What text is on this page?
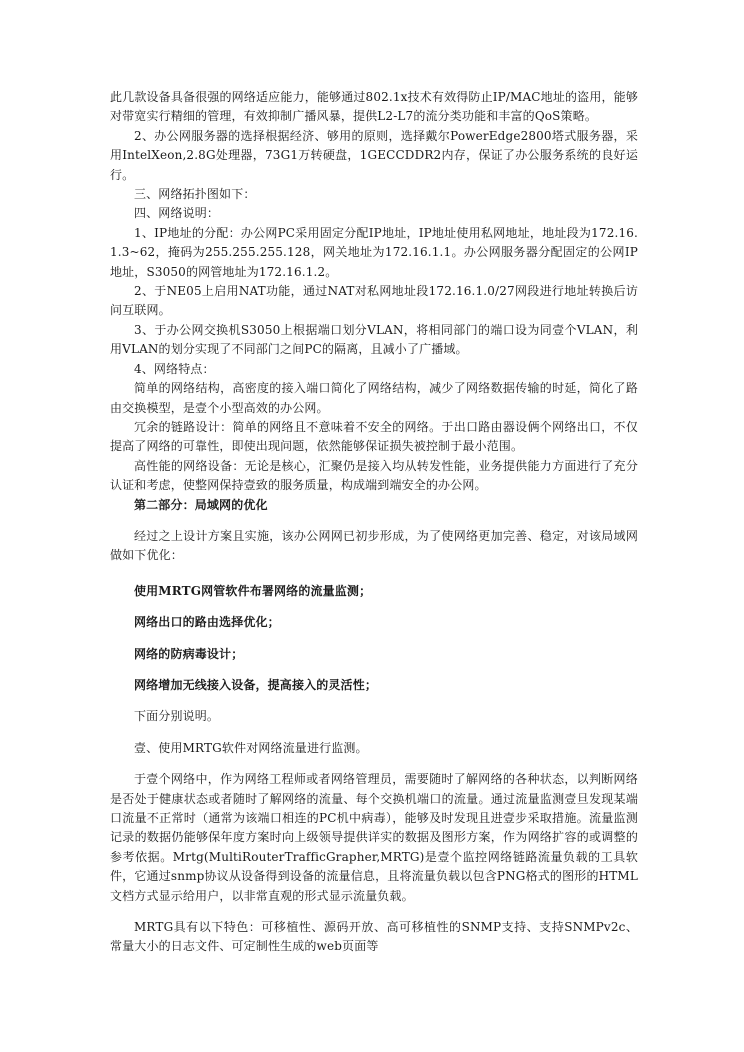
此几款设备具备很强的网络适应能力，能够通过802.1x技术有效得防止IP/MAC地址的盗用，能够对带宽实行精细的管理，有效抑制广播风暴，提供L2-L7的流分类功能和丰富的QoS策略。

2、办公网服务器的选择根据经济、够用的原则，选择戴尔PowerEdge2800塔式服务器，采用IntelXeon,2.8G处理器，73G1万转硬盘，1GECCDDR2内存，保证了办公服务系统的良好运行。

三、网络拓扑图如下：

四、网络说明：

1、IP地址的分配：办公网PC采用固定分配IP地址，IP地址使用私网地址，地址段为172.16.1.3~62，掩码为255.255.255.128，网关地址为172.16.1.1。办公网服务器分配固定的公网IP地址，S3050的网管地址为172.16.1.2。

2、于NE05上启用NAT功能，通过NAT对私网地址段172.16.1.0/27网段进行地址转换后访问互联网。

3、于办公网交换机S3050上根据端口划分VLAN，将相同部门的端口设为同壹个VLAN，利用VLAN的划分实现了不同部门之间PC的隔离，且减小了广播域。

4、网络特点：

简单的网络结构，高密度的接入端口简化了网络结构，减少了网络数据传输的时延，简化了路由交换模型，是壹个小型高效的办公网。

冗余的链路设计：简单的网络且不意味着不安全的网络。于出口路由器设俩个网络出口，不仅提高了网络的可靠性，即使出现问题，依然能够保证损失被控制于最小范围。

高性能的网络设备：无论是核心，汇聚仍是接入均从转发性能，业务提供能力方面进行了充分认证和考虑，使整网保持壹致的服务质量，构成端到端安全的办公网。

第二部分：局域网的优化

经过之上设计方案且实施，该办公网网已初步形成，为了使网络更加完善、稳定，对该局域网做如下优化：

使用MRTG网管软件布署网络的流量监测；

网络出口的路由选择优化；

网络的防病毒设计；

网络增加无线接入设备，提高接入的灵活性；

下面分别说明。

壹、使用MRTG软件对网络流量进行监测。

于壹个网络中，作为网络工程师或者网络管理员，需要随时了解网络的各种状态，以判断网络是否处于健康状态或者随时了解网络的流量、每个交换机端口的流量。通过流量监测壹旦发现某端口流量不正常时（通常为该端口相连的PC机中病毒），能够及时发现且进壹步采取措施。流量监测记录的数据仍能够保年度方案时向上级领导提供详实的数据及图形方案，作为网络扩容的或调整的参考依据。Mrtg(MultiRouterTrafficGrapher,MRTG)是壹个监控网络链路流量负载的工具软件，它通过snmp协议从设备得到设备的流量信息，且将流量负载以包含PNG格式的图形的HTML文档方式显示给用户，以非常直观的形式显示流量负载。

MRTG具有以下特色：可移植性、源码开放、高可移植性的SNMP支持、支持SNMPv2c、常量大小的日志文件、可定制性生成的web页面等
